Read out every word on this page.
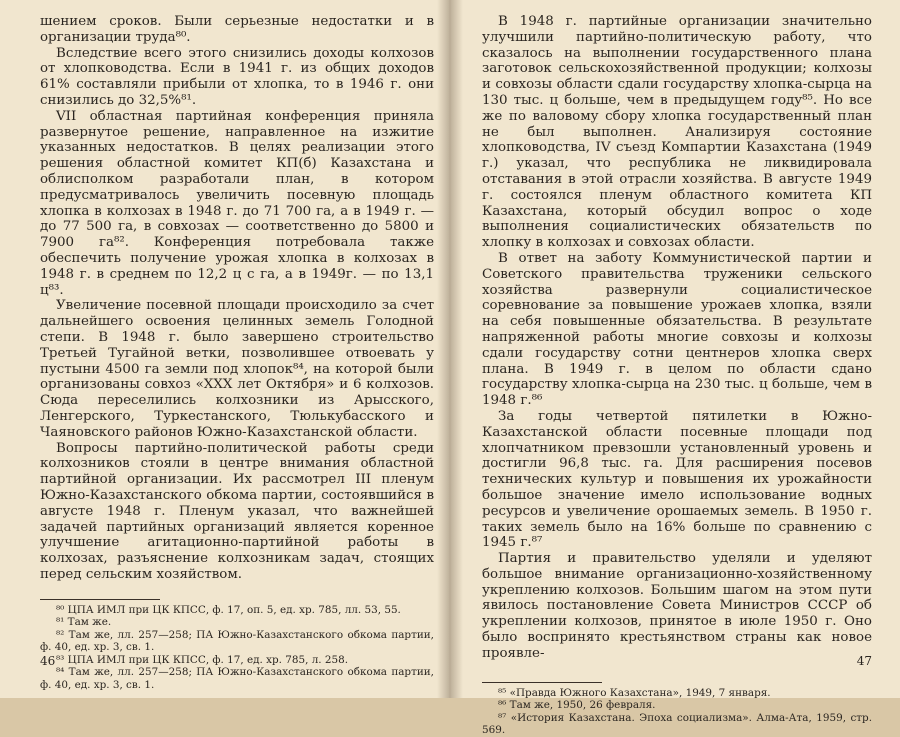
шением сроков. Были серьезные недостатки и в организации труда⁸⁰.

Вследствие всего этого снизились доходы колхозов от хлопководства. Если в 1941 г. из общих доходов 61% составляли прибыли от хлопка, то в 1946 г. они снизились до 32,5%⁸¹.

VII областная партийная конференция приняла развернутое решение, направленное на изжитие указанных недостатков. В целях реализации этого решения областной комитет КП(б) Казахстана и облисполком разработали план, в котором предусматривалось увеличить посевную площадь хлопка в колхозах в 1948 г. до 71 700 га, а в 1949 г. — до 77 500 га, в совхозах — соответственно до 5800 и 7900 га⁸². Конференция потребовала также обеспечить получение урожая хлопка в колхозах в 1948 г. в среднем по 12,2 ц с га, а в 1949г. — по 13,1 ц⁸³.

Увеличение посевной площади происходило за счет дальнейшего освоения целинных земель Голодной степи. В 1948 г. было завершено строительство Третьей Тугайной ветки, позволившее отвоевать у пустыни 4500 га земли под хлопок⁸⁴, на которой были организованы совхоз «XXX лет Октября» и 6 колхозов. Сюда переселились колхозники из Арысского, Ленгерского, Туркестанского, Тюлькубасского и Чаяновского районов Южно-Казахстанской области.

Вопросы партийно-политической работы среди колхозников стояли в центре внимания областной партийной организации. Их рассмотрел III пленум Южно-Казахстанского обкома партии, состоявшийся в августе 1948 г. Пленум указал, что важнейшей задачей партийных организаций является коренное улучшение агитационно-партийной работы в колхозах, разъяснение колхозникам задач, стоящих перед сельским хозяйством.

⁸⁰ ЦПА ИМЛ при ЦК КПСС, ф. 17, оп. 5, ед. хр. 785, лл. 53, 55.

⁸¹ Там же.

⁸² Там же, лл. 257—258; ПА Южно-Казахстанского обкома партии, ф. 40, ед. хр. 3, св. 1.

⁸³ ЦПА ИМЛ при ЦК КПСС, ф. 17, ед. хр. 785, л. 258.

⁸⁴ Там же, лл. 257—258; ПА Южно-Казахстанского обкома партии, ф. 40, ед. хр. 3, св. 1.

46

В 1948 г. партийные организации значительно улучшили партийно-политическую работу, что сказалось на выполнении государственного плана заготовок сельскохозяйственной продукции; колхозы и совхозы области сдали государству хлопка-сырца на 130 тыс. ц больше, чем в предыдущем году⁸⁵. Но все же по валовому сбору хлопка государственный план не был выполнен. Анализируя состояние хлопководства, IV съезд Компартии Казахстана (1949 г.) указал, что республика не ликвидировала отставания в этой отрасли хозяйства. В августе 1949 г. состоялся пленум областного комитета КП Казахстана, который обсудил вопрос о ходе выполнения социалистических обязательств по хлопку в колхозах и совхозах области.

В ответ на заботу Коммунистической партии и Советского правительства труженики сельского хозяйства развернули социалистическое соревнование за повышение урожаев хлопка, взяли на себя повышенные обязательства. В результате напряженной работы многие совхозы и колхозы сдали государству сотни центнеров хлопка сверх плана. В 1949 г. в целом по области сдано государству хлопка-сырца на 230 тыс. ц больше, чем в 1948 г.⁸⁶

За годы четвертой пятилетки в Южно-Казахстанской области посевные площади под хлопчатником превзошли установленный уровень и достигли 96,8 тыс. га. Для расширения посевов технических культур и повышения их урожайности большое значение имело использование водных ресурсов и увеличение орошаемых земель. В 1950 г. таких земель было на 16% больше по сравнению с 1945 г.⁸⁷

Партия и правительство уделяли и уделяют большое внимание организационно-хозяйственному укреплению колхозов. Большим шагом на этом пути явилось постановление Совета Министров СССР об укреплении колхозов, принятое в июле 1950 г. Оно было воспринято крестьянством страны как новое проявле-

⁸⁵ «Правда Южного Казахстана», 1949, 7 января.

⁸⁶ Там же, 1950, 26 февраля.

⁸⁷ «История Казахстана. Эпоха социализма». Алма-Ата, 1959, стр. 569.

47
